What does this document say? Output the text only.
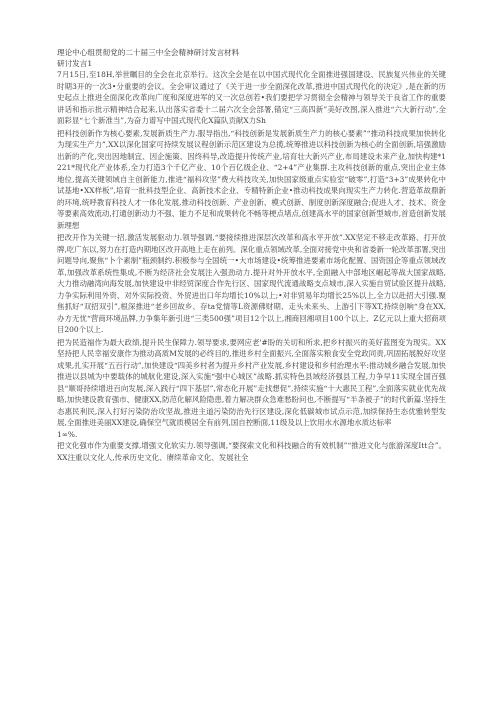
理论中心组贯彻党的二十届三中全会精神研讨发言材料

研讨发言1

7月15日,至18H,举世瞩目的全会在北京举行。这次全会是在以中国式现代化全面推进强国建设、民族复兴伟业的关键时期3开的一次3•分重要的会议。全会审议通过了《关于进一步全面深化改革,推进中国式现代化的决定》,是在新的历史起点上推进全面深化改革向广度和深度进军的又一次总创若•我们要把学习贯彻全会精神与领导关于良省工作的重要讲话和指示批示精神结合起来,认出落实省委十二届六次全会部署,锚定“三高四新”美好改图,深入推进“六大新行动”,全面彩显“七个新准当”,为奋力谱写中国式现代化X篇队贡献X力Sh

把科技创新作为核心要素,发展新质生产力.服导指出,“科技创新是发展新质生产力的核心要素”“推动科技成果加快转化为现实生产力”,XX以深化国家可持续发展议程创新示范区建设为总揽,统筹推进以科技创新为核心的全面创新,培强激励出新的产化,突出因地制宜、因企施策、因终科导,改造提升传统产业,培育壮大新兴产业,布局建设未来产业,加快构建*1221*现代化产业体系,全力打造3个千亿产业、10个百亿级企业、“2+4”产业集群.主攻科技创新的重点,突出企业主体地位,提高关键领域自主创新能力,推进“福科攻坚”费大科技攻关,加快国家级重点实验室“破零”,打造“3+3”成果转化中试基地•XX样板”,培育一批科技型企业、高新技术企业、专精特新企业•推动科技成果向现实生产力转化.营造革故鼎新的环境,统呼教育科技人才一体化发展,推动科技创新、产业创新、模式创新、制度创新深度融合;促进人才、技术、资金等要素高效流动,打通创新动力不强、能力不足和成果转化不畅等梗点堵点,创建高水平的国家创新型城市,首造创新发展新理想

把改开作为关键一招,激活发展驱动力.领导强调,“要接续推进深层次改革和高水平开放”.XX坚定不移走改革路、打开放牌,吃广东以,努力在打造内期地区改开高地上走在前列。深化重点领域改革,全面对接党中央和省委新一轮改革部署,突出问题导向,聚焦“卜个素制”瓶颈制约.积极参与全国统一•大市场建设•统筹推进要素市场化配置、国资国企等重点领域改革,加强改革系统性集成,不断为经济社会发展注入强劲动力.提升对外开放水平,全面融入中部地区崛起等战大国家战略,大力推动融湾向海发展,加快建设中非经贸深度合作先行区、国家现代流通战略支点城市,深入实施自贸试验区提升战略,力争实际利用外资、对外实际投资、外贸进出口年均增长10%以上;•对非贸易年均增长25%以上,全力以赴招大引强.聚焦抓好“双招双引”,根深推进“老乡回故乡、存ta党情等L资源佛财期、走头未来头、上游引下等XT,持续创响“身在XX,办方无忧“营商环境品牌,力争集年新引进“三类500强”项目12个以上,湘商回湘项目100个以上、Z亿元以上重大招商项目200个以上.

把为民造福作为最大政绩,提升民生保障力.领导要求,要网应老'#盼的关切和所求,把乡村振兴的美好蓝图变为现实。XX坚持把人民幸福安康作为推动高质M发展的必终目的,推进乡村全面振兴,全面落实粮食安全党政同责,巩固拓展脱好攻坚成果,扎实开展“五百行动”,加快建设“四美乡村者为提升乡村产业发展,乡村建设和乡村治理水平:推动城乡融合发展,加快推进以县城为中要载体的城航化建设,深入实施“强中心城区”战略.抓实特色县域经济强县工程,力争早11实现全国百强县“顺哥持续增进百向发展,深入践行“四下基层”,常态化开展”走找想促”,持续实施“十大惠民工程”,全面落实就业优先战略,加快建设教育强市、健康XX,防范化解风险隐患,着力解决群众急难愁盼问也,不断提写“半条被子”的时代新篇.坚持生态惠民利民,深入打好污染防治攻坚战,推进主道污染防治先行区建设,深化低碳城市试点示范,加续保持生态优雅转型发展,全面推进美丽XX建设,确保空气就质模居全有前列,国自控断面,11级及以上饮用水水源地水质达标率

1∞%.

把文化强市作为重要支撑,增强文化软实力.领导强调,“要探索文化和科技融合的有效机制”“推进文化与旅游深度Itt合”。XX注重以文化人,传承历史文化、赓续革命文化、发展社全
